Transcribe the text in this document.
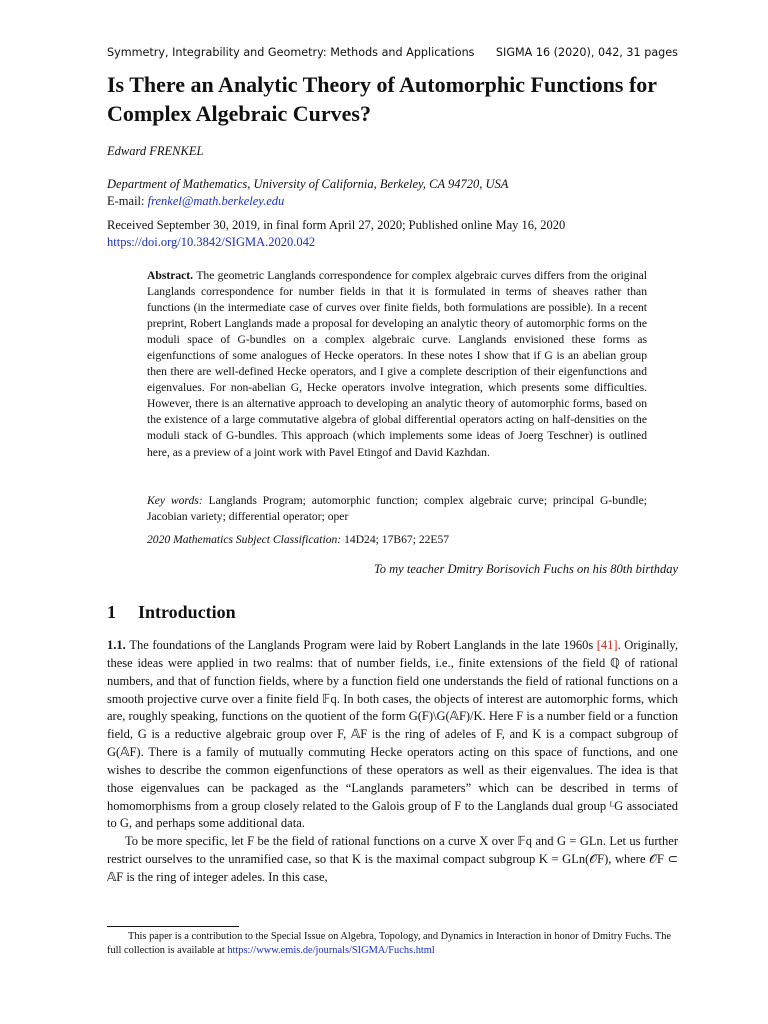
Symmetry, Integrability and Geometry: Methods and Applications SIGMA 16 (2020), 042, 31 pages
Is There an Analytic Theory of Automorphic Functions for Complex Algebraic Curves?
Edward FRENKEL
Department of Mathematics, University of California, Berkeley, CA 94720, USA
E-mail: frenkel@math.berkeley.edu
Received September 30, 2019, in final form April 27, 2020; Published online May 16, 2020
https://doi.org/10.3842/SIGMA.2020.042

Abstract. The geometric Langlands correspondence for complex algebraic curves differs from the original Langlands correspondence for number fields in that it is formulated in terms of sheaves rather than functions (in the intermediate case of curves over finite fields, both formulations are possible). In a recent preprint, Robert Langlands made a proposal for developing an analytic theory of automorphic forms on the moduli space of G-bundles on a complex algebraic curve. Langlands envisioned these forms as eigenfunctions of some analogues of Hecke operators. In these notes I show that if G is an abelian group then there are well-defined Hecke operators, and I give a complete description of their eigenfunctions and eigenvalues. For non-abelian G, Hecke operators involve integration, which presents some difficulties. However, there is an alternative approach to developing an analytic theory of automorphic forms, based on the existence of a large commutative algebra of global differential operators acting on half-densities on the moduli stack of G-bundles. This approach (which implements some ideas of Joerg Teschner) is outlined here, as a preview of a joint work with Pavel Etingof and David Kazhdan.

Key words: Langlands Program; automorphic function; complex algebraic curve; principal G-bundle; Jacobian variety; differential operator; oper
2020 Mathematics Subject Classification: 14D24; 17B67; 22E57
To my teacher Dmitry Borisovich Fuchs on his 80th birthday
1 Introduction

1.1. The foundations of the Langlands Program were laid by Robert Langlands in the late 1960s [41]. Originally, these ideas were applied in two realms: that of number fields, i.e., finite extensions of the field ℚ of rational numbers, and that of function fields, where by a function field one understands the field of rational functions on a smooth projective curve over a finite field 𝔽q. In both cases, the objects of interest are automorphic forms, which are, roughly speaking, functions on the quotient of the form G(F)\G(𝔸F)/K. Here F is a number field or a function field, G is a reductive algebraic group over F, 𝔸F is the ring of adeles of F, and K is a compact subgroup of G(𝔸F). There is a family of mutually commuting Hecke operators acting on this space of functions, and one wishes to describe the common eigenfunctions of these operators as well as their eigenvalues. The idea is that those eigenvalues can be packaged as the “Langlands parameters” which can be described in terms of homomorphisms from a group closely related to the Galois group of F to the Langlands dual group ᴸG associated to G, and perhaps some additional data.

To be more specific, let F be the field of rational functions on a curve X over 𝔽q and G = GLn. Let us further restrict ourselves to the unramified case, so that K is the maximal compact subgroup K = GLn(𝒪F), where 𝒪F ⊂ 𝔸F is the ring of integer adeles. In this case,

This paper is a contribution to the Special Issue on Algebra, Topology, and Dynamics in Interaction in honor of Dmitry Fuchs. The full collection is available at https://www.emis.de/journals/SIGMA/Fuchs.html
